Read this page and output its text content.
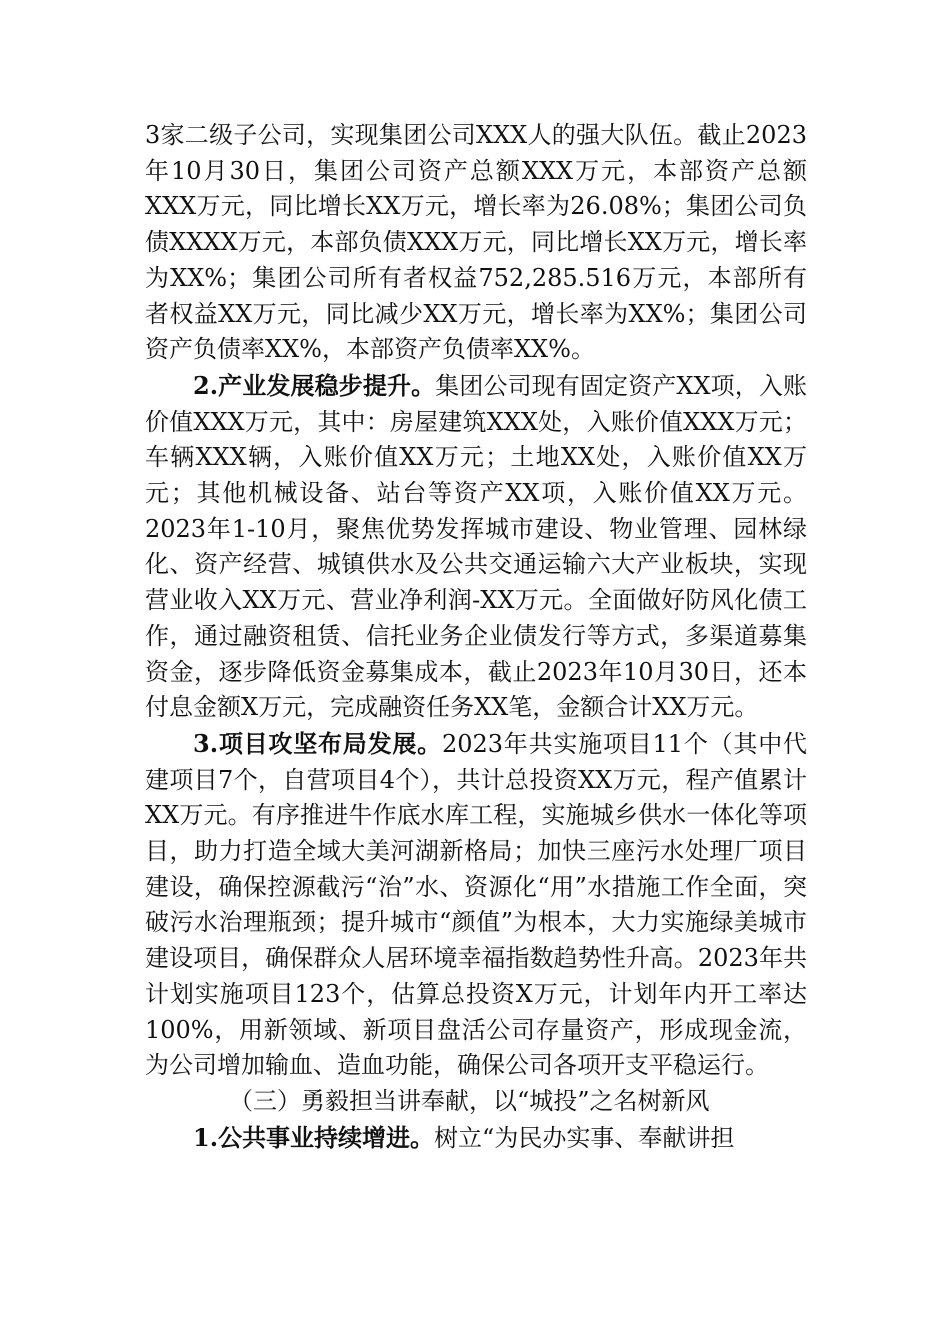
3家二级子公司，实现集团公司XXX人的强大队伍。截止2023年10月30日，集团公司资产总额XXX万元，本部资产总额XXX万元，同比增长XX万元，增长率为26.08%；集团公司负债XXXX万元，本部负债XXX万元，同比增长XX万元，增长率为XX%；集团公司所有者权益752,285.516万元，本部所有者权益XX万元，同比减少XX万元，增长率为XX%；集团公司资产负债率XX%，本部资产负债率XX%。

2.产业发展稳步提升。集团公司现有固定资产XX项，入账价值XXX万元，其中：房屋建筑XXX处，入账价值XXX万元；车辆XXX辆，入账价值XX万元；土地XX处，入账价值XX万元；其他机械设备、站台等资产XX项，入账价值XX万元。2023年1-10月，聚焦优势发挥城市建设、物业管理、园林绿化、资产经营、城镇供水及公共交通运输六大产业板块，实现营业收入XX万元、营业净利润-XX万元。全面做好防风化债工作，通过融资租赁、信托业务企业债发行等方式，多渠道募集资金，逐步降低资金募集成本，截止2023年10月30日，还本付息金额X万元，完成融资任务XX笔，金额合计XX万元。

3.项目攻坚布局发展。2023年共实施项目11个（其中代建项目7个，自营项目4个），共计总投资XX万元，程产值累计XX万元。有序推进牛作底水库工程，实施城乡供水一体化等项目，助力打造全域大美河湖新格局；加快三座污水处理厂项目建设，确保控源截污“治”水、资源化“用”水措施工作全面，突破污水治理瓶颈；提升城市“颜值”为根本，大力实施绿美城市建设项目，确保群众人居环境幸福指数趋势性升高。2023年共计划实施项目123个，估算总投资X万元，计划年内开工率达100%，用新领域、新项目盘活公司存量资产，形成现金流，为公司增加输血、造血功能，确保公司各项开支平稳运行。

（三）勇毅担当讲奉献，以“城投”之名树新风

1.公共事业持续增进。树立“为民办实事、奉献讲担
